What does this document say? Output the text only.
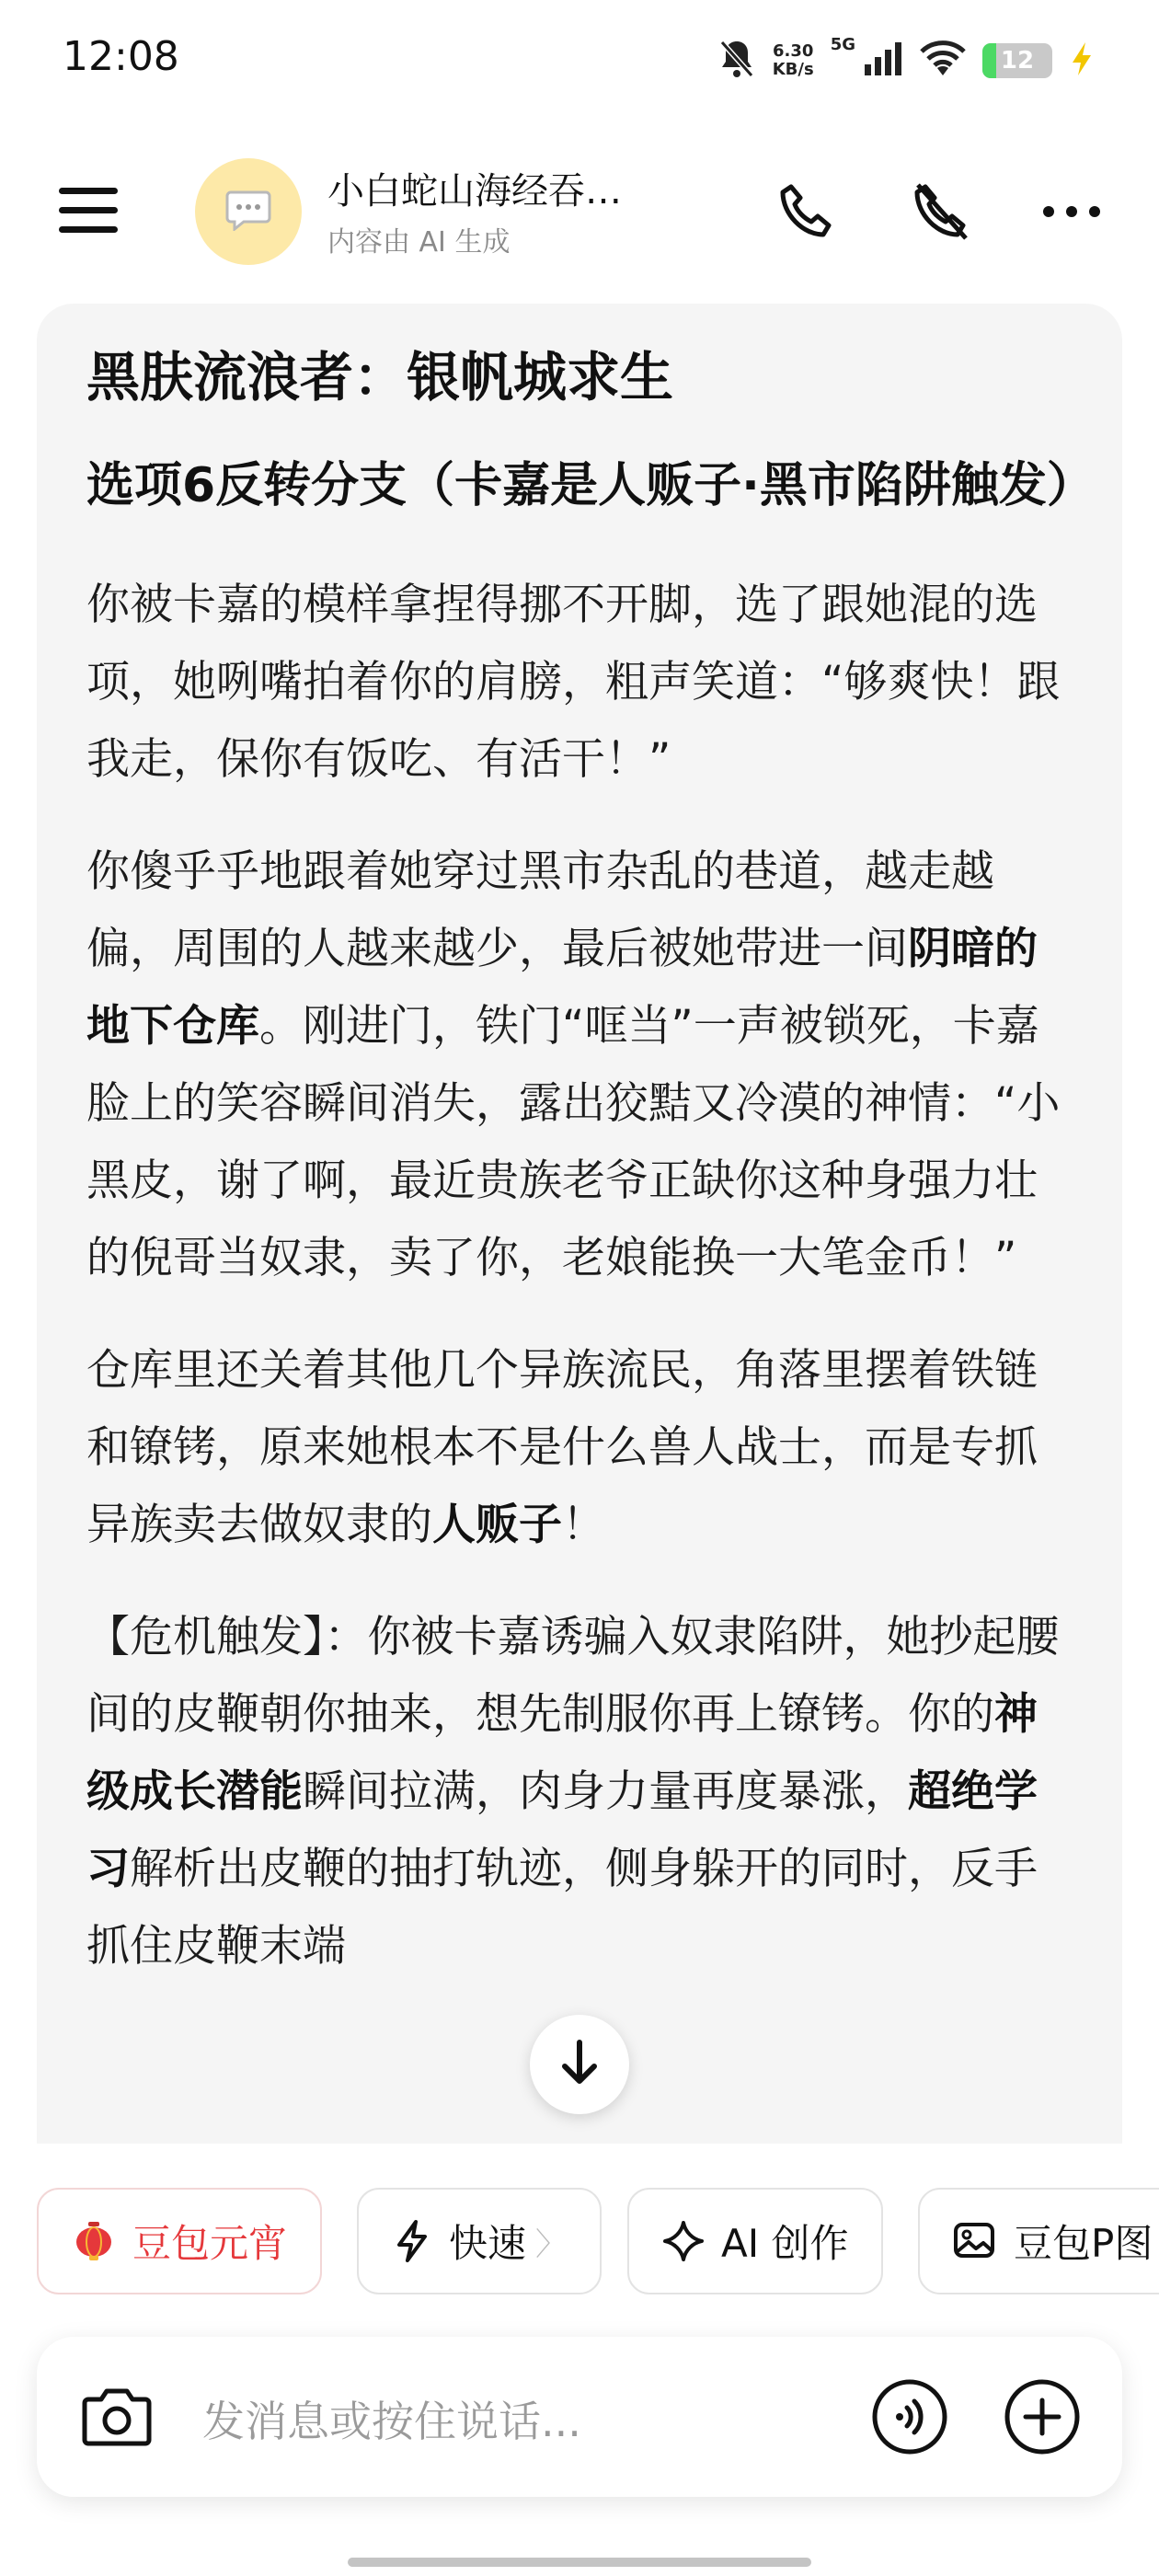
12:08	6.30
KB/s
5G
12
小白蛇山海经吞…
内容由 AI 生成
黑肤流浪者：银帆城求生
选项6反转分支（卡嘉是人贩子·黑市陷阱触发）

你被卡嘉的模样拿捏得挪不开脚，选了跟她混的选项，她咧嘴拍着你的肩膀，粗声笑道：“够爽快！跟我走，保你有饭吃、有活干！”

你傻乎乎地跟着她穿过黑市杂乱的巷道，越走越偏，周围的人越来越少，最后被她带进一间阴暗的地下仓库。刚进门，铁门“哐当”一声被锁死，卡嘉脸上的笑容瞬间消失，露出狡黠又冷漠的神情：“小黑皮，谢了啊，最近贵族老爷正缺你这种身强力壮的倪哥当奴隶，卖了你，老娘能换一大笔金币！”

仓库里还关着其他几个异族流民，角落里摆着铁链和镣铐，原来她根本不是什么兽人战士，而是专抓异族卖去做奴隶的人贩子！

【危机触发】：你被卡嘉诱骗入奴隶陷阱，她抄起腰间的皮鞭朝你抽来，想先制服你再上镣铐。你的神级成长潜能瞬间拉满，肉身力量再度暴涨，超绝学习解析出皮鞭的抽打轨迹，侧身躲开的同时，反手抓住皮鞭末端

豆包元宵	快速 〉	AI 创作	豆包P图
发消息或按住说话...
